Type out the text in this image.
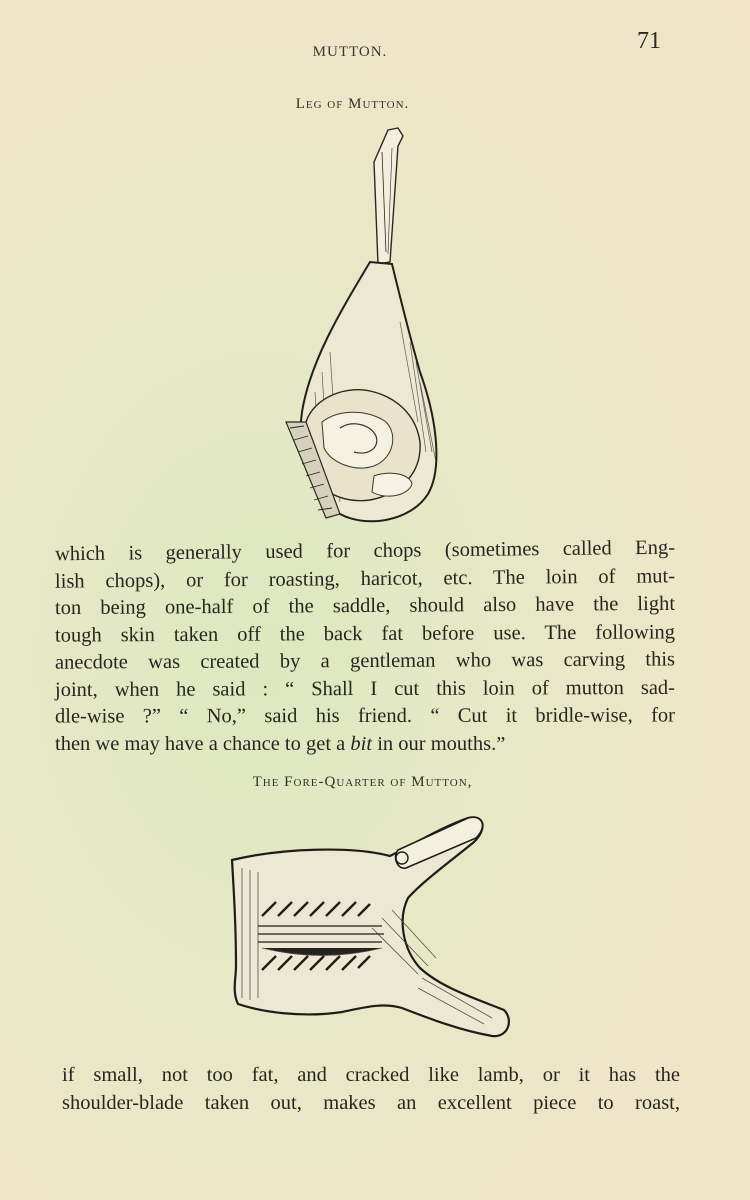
MUTTON.	71
Leg of Mutton.
which is generally used for chops (sometimes called Eng-
lish chops), or for roasting, haricot, etc. The loin of mut-
ton being one-half of the saddle, should also have the light
tough skin taken off the back fat before use. The following
anecdote was created by a gentleman who was carving this
joint, when he said : “ Shall I cut this loin of mutton sad-
dle-wise ?” “ No,” said his friend. “ Cut it bridle-wise, for
then we may have a chance to get a bit in our mouths.”
The Fore-Quarter of Mutton,
if small, not too fat, and cracked like lamb, or it has the
shoulder-blade taken out, makes an excellent piece to roast,
